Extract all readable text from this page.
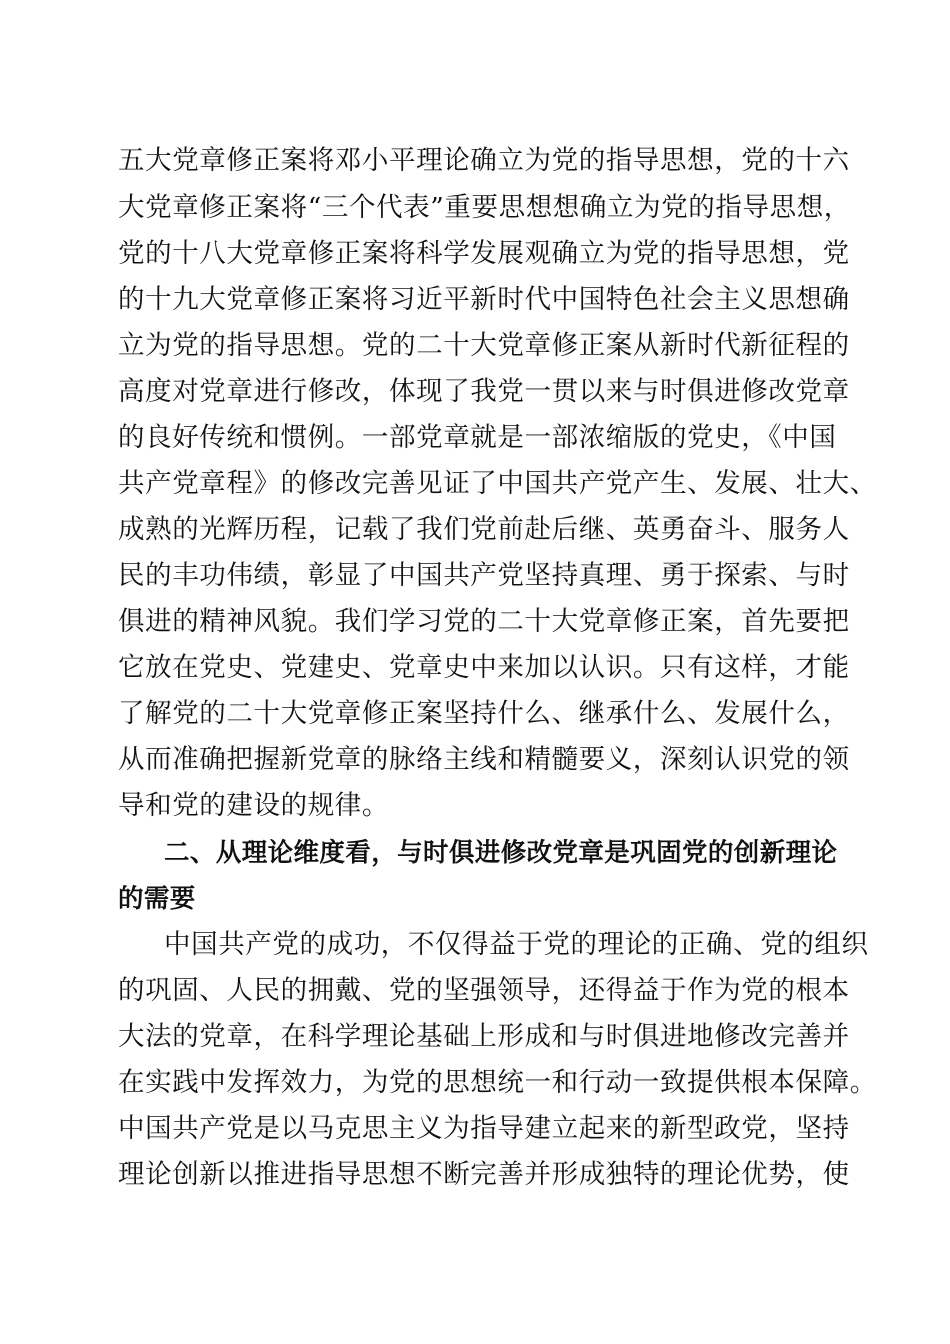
五大党章修正案将邓小平理论确立为党的指导思想，党的十六
大党章修正案将“三个代表”重要思想想确立为党的指导思想，
党的十八大党章修正案将科学发展观确立为党的指导思想，党
的十九大党章修正案将习近平新时代中国特色社会主义思想确
立为党的指导思想。党的二十大党章修正案从新时代新征程的
高度对党章进行修改，体现了我党一贯以来与时俱进修改党章
的良好传统和惯例。一部党章就是一部浓缩版的党史，《中国
共产党章程》的修改完善见证了中国共产党产生、发展、壮大、
成熟的光辉历程，记载了我们党前赴后继、英勇奋斗、服务人
民的丰功伟绩，彰显了中国共产党坚持真理、勇于探索、与时
俱进的精神风貌。我们学习党的二十大党章修正案，首先要把
它放在党史、党建史、党章史中来加以认识。只有这样，才能
了解党的二十大党章修正案坚持什么、继承什么、发展什么，
从而准确把握新党章的脉络主线和精髓要义，深刻认识党的领
导和党的建设的规律。
二、从理论维度看，与时俱进修改党章是巩固党的创新理论
的需要
中国共产党的成功，不仅得益于党的理论的正确、党的组织
的巩固、人民的拥戴、党的坚强领导，还得益于作为党的根本
大法的党章，在科学理论基础上形成和与时俱进地修改完善并
在实践中发挥效力，为党的思想统一和行动一致提供根本保障。
中国共产党是以马克思主义为指导建立起来的新型政党，坚持
理论创新以推进指导思想不断完善并形成独特的理论优势，使
